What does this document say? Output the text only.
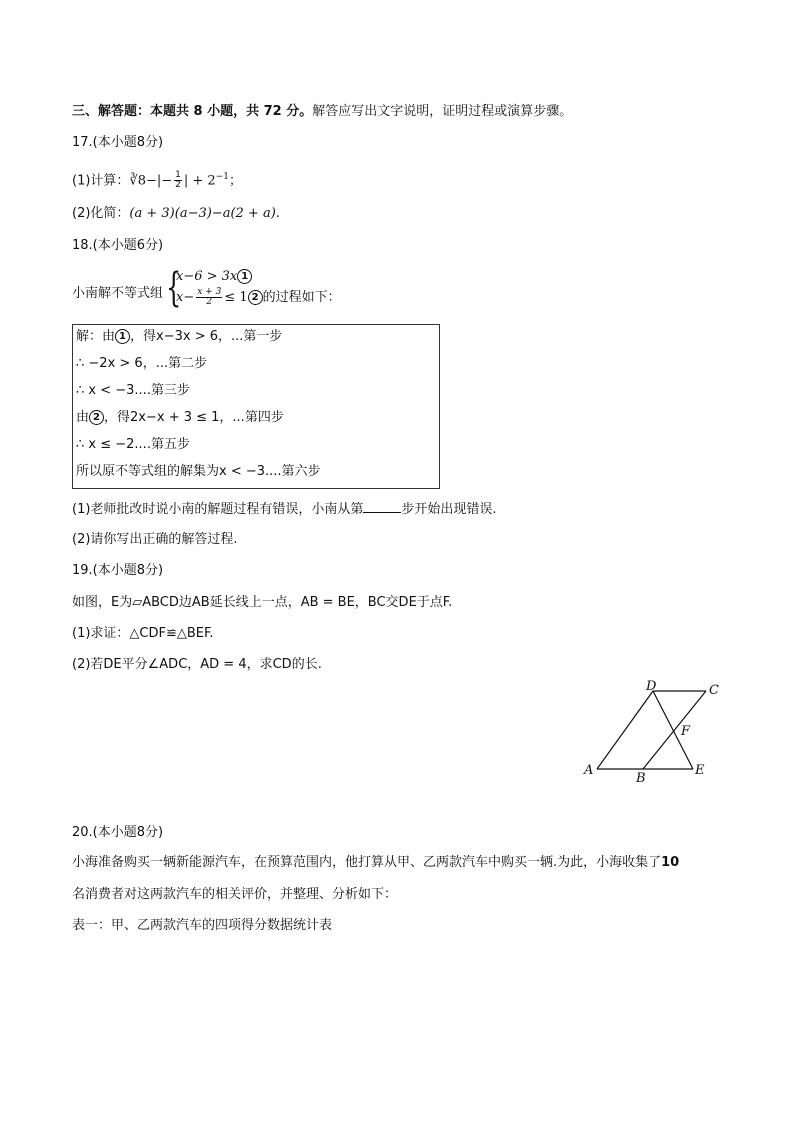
三、解答题：本题共 8 小题，共 72 分。解答应写出文字说明，证明过程或演算步骤。
17.(本小题8分)
(1)计算：∛8−|− $\frac{1}{2}$ | + $2^{-1}$；
(2)化简：(a + 3)(a−3)−a(2 + a).
18.(本小题6分)
小南解不等式组 {
x−6 > 3x 1
$x- \frac{x + 3}{2} \le 1$ 2 的过程如下：
解：由 1 ，得x−3x > 6，...第一步
∴ −2x > 6，...第二步
∴ x < −3....第三步
由 2 ，得2x−x + 3 ≤ 1，...第四步
∴ x ≤ −2....第五步
所以原不等式组的解集为x < −3....第六步
(1)老师批改时说小南的解题过程有错误，小南从第	步开始出现错误.
(2)请你写出正确的解答过程.
19.(本小题8分)
如图，E为▱ABCD边AB延长线上一点，AB = BE，BC交DE于点F.
(1)求证：△CDF≌△BEF.
(2)若DE平分∠ADC，AD = 4，求CD的长.
D	C
F
A
B
E
20.(本小题8分)
小海准备购买一辆新能源汽车，在预算范围内，他打算从甲、乙两款汽车中购买一辆.为此，小海收集了10
名消费者对这两款汽车的相关评价，并整理、分析如下：
表一：甲、乙两款汽车的四项得分数据统计表
